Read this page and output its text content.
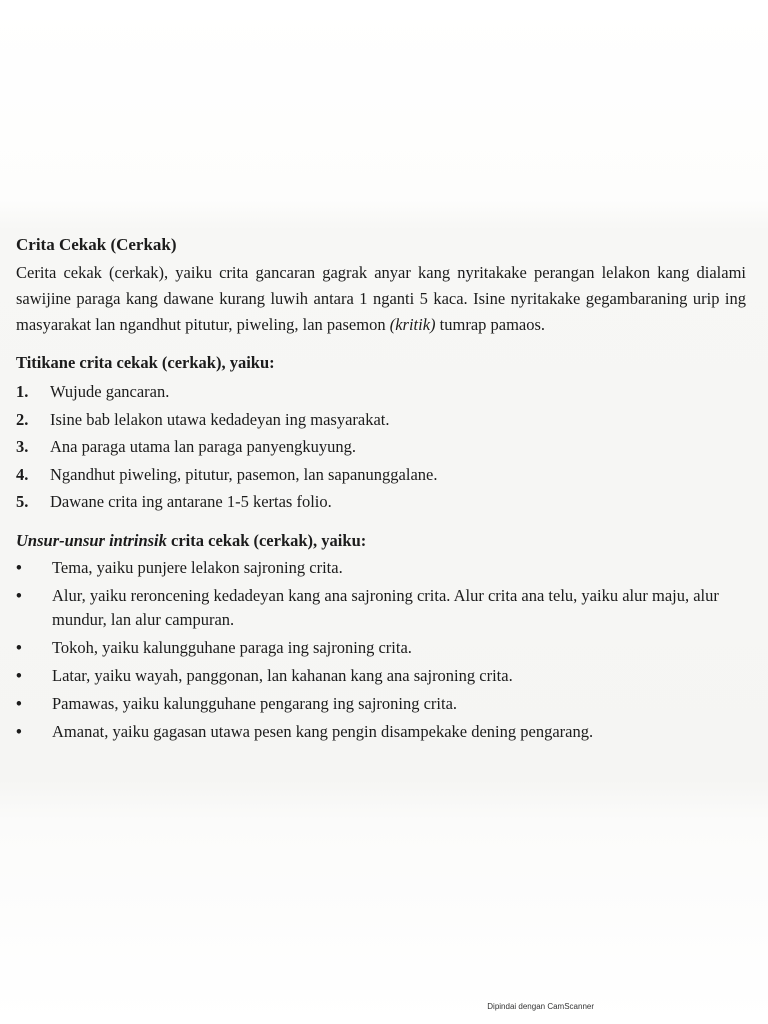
Crita Cekak (Cerkak)

Cerita cekak (cerkak), yaiku crita gancaran gagrak anyar kang nyritakake perangan lelakon kang dialami sawijine paraga kang dawane kurang luwih antara 1 nganti 5 kaca. Isine nyritakake gegambaraning urip ing masyarakat lan ngandhut pitutur, piweling, lan pasemon (kritik) tumrap pamaos.

Titikane crita cekak (cerkak), yaiku:
1.	Wujude gancaran.
2.	Isine bab lelakon utawa kedadeyan ing masyarakat.
3.	Ana paraga utama lan paraga panyengkuyung.
4.	Ngandhut piweling, pitutur, pasemon, lan sapanunggalane.
5.	Dawane crita ing antarane 1-5 kertas folio.
Unsur-unsur intrinsik crita cekak (cerkak), yaiku:
•	Tema, yaiku punjere lelakon sajroning crita.
•	Alur, yaiku reroncening kedadeyan kang ana sajroning crita. Alur crita ana telu, yaiku alur maju, alur mundur, lan alur campuran.
•	Tokoh, yaiku kalungguhane paraga ing sajroning crita.
•	Latar, yaiku wayah, panggonan, lan kahanan kang ana sajroning crita.
•	Pamawas, yaiku kalungguhane pengarang ing sajroning crita.
•	Amanat, yaiku gagasan utawa pesen kang pengin disampekake dening pengarang.
Dipindai dengan CamScanner
